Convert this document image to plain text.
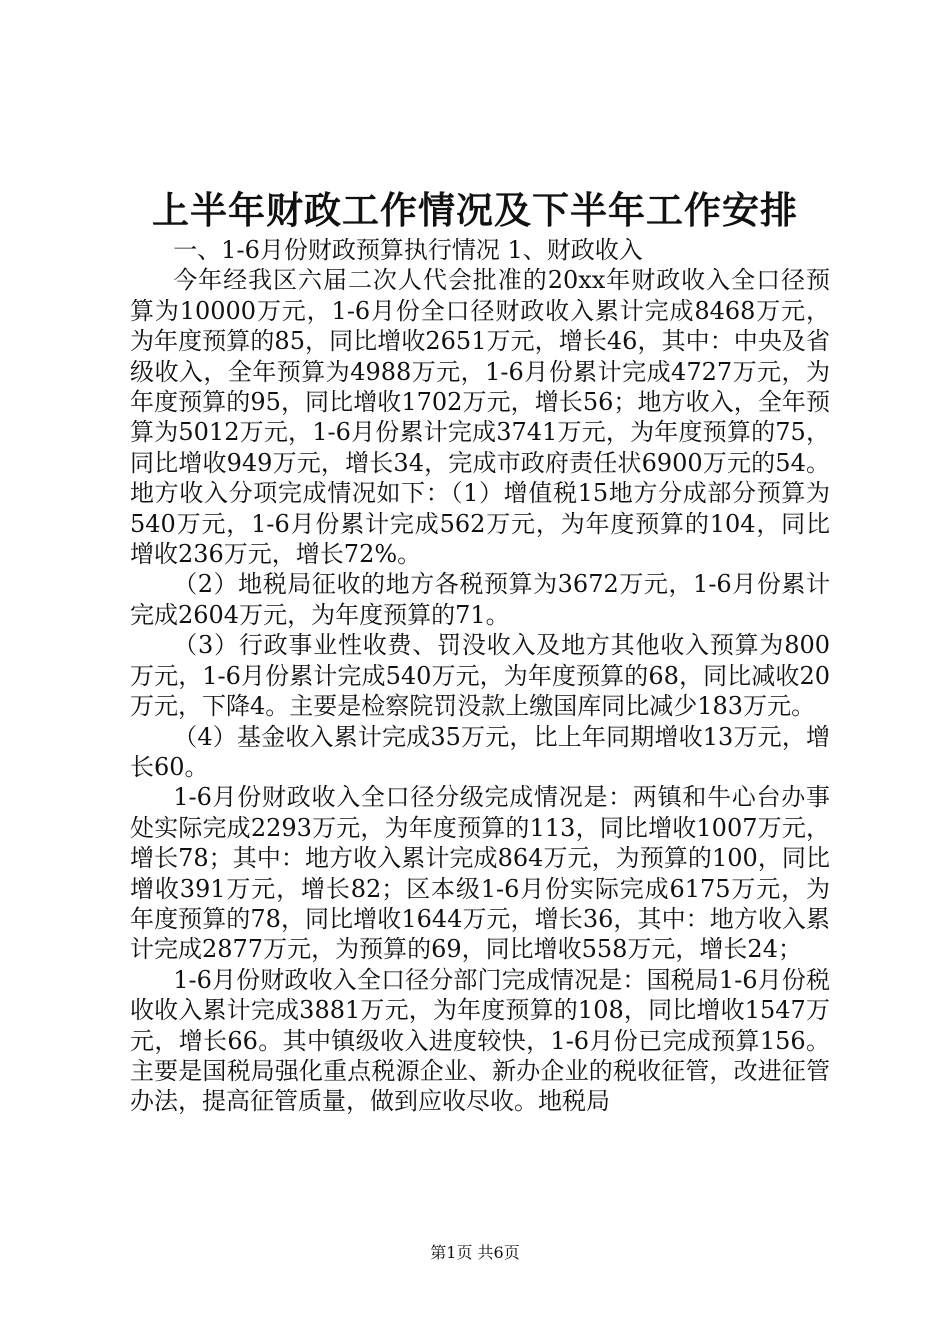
上半年财政工作情况及下半年工作安排

一、1-6月份财政预算执行情况 1、财政收入

今年经我区六届二次人代会批准的20xx年财政收入全口径预算为10000万元，1-6月份全口径财政收入累计完成8468万元，为年度预算的85，同比增收2651万元，增长46，其中：中央及省级收入，全年预算为4988万元，1-6月份累计完成4727万元，为年度预算的95，同比增收1702万元，增长56；地方收入，全年预算为5012万元，1-6月份累计完成3741万元，为年度预算的75，同比增收949万元，增长34，完成市政府责任状6900万元的54。地方收入分项完成情况如下：（1）增值税15地方分成部分预算为540万元，1-6月份累计完成562万元，为年度预算的104，同比增收236万元，增长72%。

（2）地税局征收的地方各税预算为3672万元，1-6月份累计完成2604万元，为年度预算的71。

（3）行政事业性收费、罚没收入及地方其他收入预算为800万元，1-6月份累计完成540万元，为年度预算的68，同比减收20万元，下降4。主要是检察院罚没款上缴国库同比减少183万元。

（4）基金收入累计完成35万元，比上年同期增收13万元，增长60。

1-6月份财政收入全口径分级完成情况是：两镇和牛心台办事处实际完成2293万元，为年度预算的113，同比增收1007万元，增长78；其中：地方收入累计完成864万元，为预算的100，同比增收391万元，增长82；区本级1-6月份实际完成6175万元，为年度预算的78，同比增收1644万元，增长36，其中：地方收入累计完成2877万元，为预算的69，同比增收558万元，增长24；

1-6月份财政收入全口径分部门完成情况是：国税局1-6月份税收收入累计完成3881万元，为年度预算的108，同比增收1547万元，增长66。其中镇级收入进度较快，1-6月份已完成预算156。主要是国税局强化重点税源企业、新办企业的税收征管，改进征管办法，提高征管质量，做到应收尽收。地税局

第1页 共6页
